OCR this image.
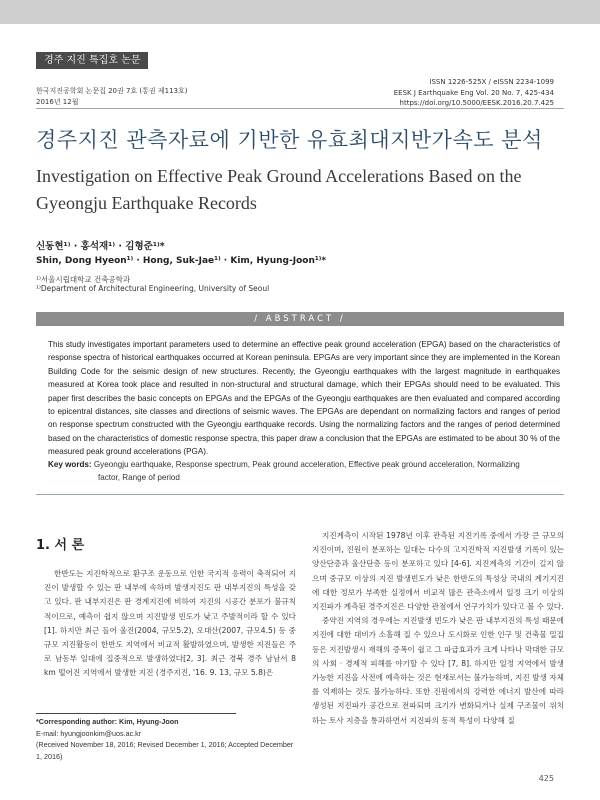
경주 지진 특집호 논문
한국지진공학회 논문집 20권 7호 (통권 제113호)
2016년 12월
ISSN 1226-525X / eISSN 2234-1099
EESK J Earthquake Eng Vol. 20 No. 7, 425-434
https://doi.org/10.5000/EESK.2016.20.7.425
경주지진 관측자료에 기반한 유효최대지반가속도 분석
Investigation on Effective Peak Ground Accelerations Based on the Gyeongju Earthquake Records
신동현¹⁾ · 홍석재¹⁾ · 김형준¹⁾*
Shin, Dong Hyeon¹⁾ · Hong, Suk-Jae¹⁾ · Kim, Hyung-Joon¹⁾*
¹⁾서울시립대학교 건축공학과
¹⁾Department of Architectural Engineering, University of Seoul
/ ABSTRACT /
This study investigates important parameters used to determine an effective peak ground acceleration (EPGA) based on the characteristics of response spectra of historical earthquakes occurred at Korean peninsula. EPGAs are very important since they are implemented in the Korean Building Code for the seismic design of new structures. Recently, the Gyeongju earthquakes with the largest magnitude in earthquakes measured at Korea took place and resulted in non-structural and structural damage, which their EPGAs should need to be evaluated. This paper first describes the basic concepts on EPGAs and the EPGAs of the Gyeongju earthquakes are then evaluated and compared according to epicentral distances, site classes and directions of seismic waves. The EPGAs are dependant on normalizing factors and ranges of period on response spectrum constructed with the Gyeongju earthquake records. Using the normalizing factors and the ranges of period determined based on the characteristics of domestic response spectra, this paper draw a conclusion that the EPGAs are estimated to be about 30 % of the measured peak ground accelerations (PGA).
Key words: Gyeongju earthquake, Response spectrum, Peak ground acceleration, Effective peak ground acceleration, Normalizing
factor, Range of period
1. 서 론
한반도는 지진학적으로 환구조 운동으로 인한 국지적 응력이 축적되어 지진이 발생할 수 있는 판 내부에 속하며 발생지진도 판 내부지진의 특성을 갖고 있다. 판 내부지진은 판 경계지진에 비하여 지진의 시공간 분포가 불규칙적이므로, 예측이 쉽지 않으며 지진발생 빈도가 낮고 주발적이라 할 수 있다[1]. 하지만 최근 들어 울진(2004, 규모5.2), 오대산(2007, 규모4.5) 등 중규모 지진활동이 한반도 지역에서 비교적 활발하였으며, 발생한 지진들은 주로 남동부 일대에 집중적으로 발생하였다[2, 3]. 최근 경북 경주 남남서 8 km 떨어진 지역에서 발생한 지진 (경주지진, '16. 9. 13, 규모 5.8)은

지진계측이 시작된 1978년 이후 관측된 지진기록 중에서 가장 큰 규모의 지진이며, 진원이 분포하는 일대는 다수의 고지진학적 지진발생 기록이 있는 양산단층과 울산단층 등이 분포하고 있다 [4-6]. 지진계측의 기간이 길지 않으며 중규모 이상의 지진 발생빈도가 낮은 한반도의 특성상 국내의 계기지진에 대한 정보가 부족한 실정에서 비교적 많은 관측소에서 일정 크기 이상의 지진파가 계측된 경주지진은 다양한 관점에서 연구가치가 있다고 볼 수 있다.

중약진 지역의 경우에는 지진발생 빈도가 낮은 판 내부지진의 특성 때문에 지진에 대한 대비가 소홀해 질 수 있으나 도시화로 인한 인구 및 건축물 밀집 등은 지진발생시 재해의 증폭이 쉽고 그 파급효과가 크게 나타나 막대한 규모의 사회 · 경제적 피해를 야기할 수 있다 [7, 8]. 하지만 일정 지역에서 발생 가능한 지진을 사전에 예측하는 것은 현재로서는 불가능하며, 지진 발생 자체를 억제하는 것도 불가능하다. 또한 진원에서의 강력한 에너지 발산에 따라 생성된 지진파가 공간으로 전파되며 크기가 변화되거나 실제 구조물이 위치하는 토사 지층을 통과하면서 지진파의 동적 특성이 다양해 질

*Corresponding author: Kim, Hyung-Joon
E-mail: hyungjoonkim@uos.ac.kr
(Received November 18, 2016; Revised December 1, 2016; Accepted December 1, 2016)
425
